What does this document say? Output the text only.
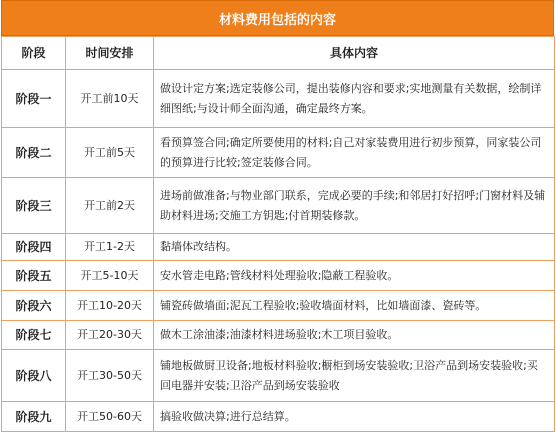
材料费用包括的内容
阶段	时间安排	具体内容
阶段一	开工前10天	做设计定方案;选定装修公司，提出装修内容和要求;实地测量有关数据，绘制详细图纸;与设计师全面沟通，确定最终方案。
阶段二	开工前5天	看预算签合同;确定所要使用的材料;自己对家装费用进行初步预算，同家装公司的预算进行比较;签定装修合同。
阶段三	开工前2天	进场前做准备;与物业部门联系，完成必要的手续;和邻居打好招呼;门窗材料及辅助材料进场;交施工方钥匙;付首期装修款。
阶段四	开工1-2天	黏墙体改结构。
阶段五	开工5-10天	安水管走电路;管线材料处理验收;隐蔽工程验收。
阶段六	开工10-20天	铺瓷砖做墙面;泥瓦工程验收;验收墙面材料，比如墙面漆、瓷砖等。
阶段七	开工20-30天	做木工涂油漆;油漆材料进场验收;木工项目验收。
阶段八	开工30-50天	铺地板做厨卫设备;地板材料验收;橱柜到场安装验收;卫浴产品到场安装验收;买回电器并安装;卫浴产品到场安装验收
阶段九	开工50-60天	搞验收做决算;进行总结算。
